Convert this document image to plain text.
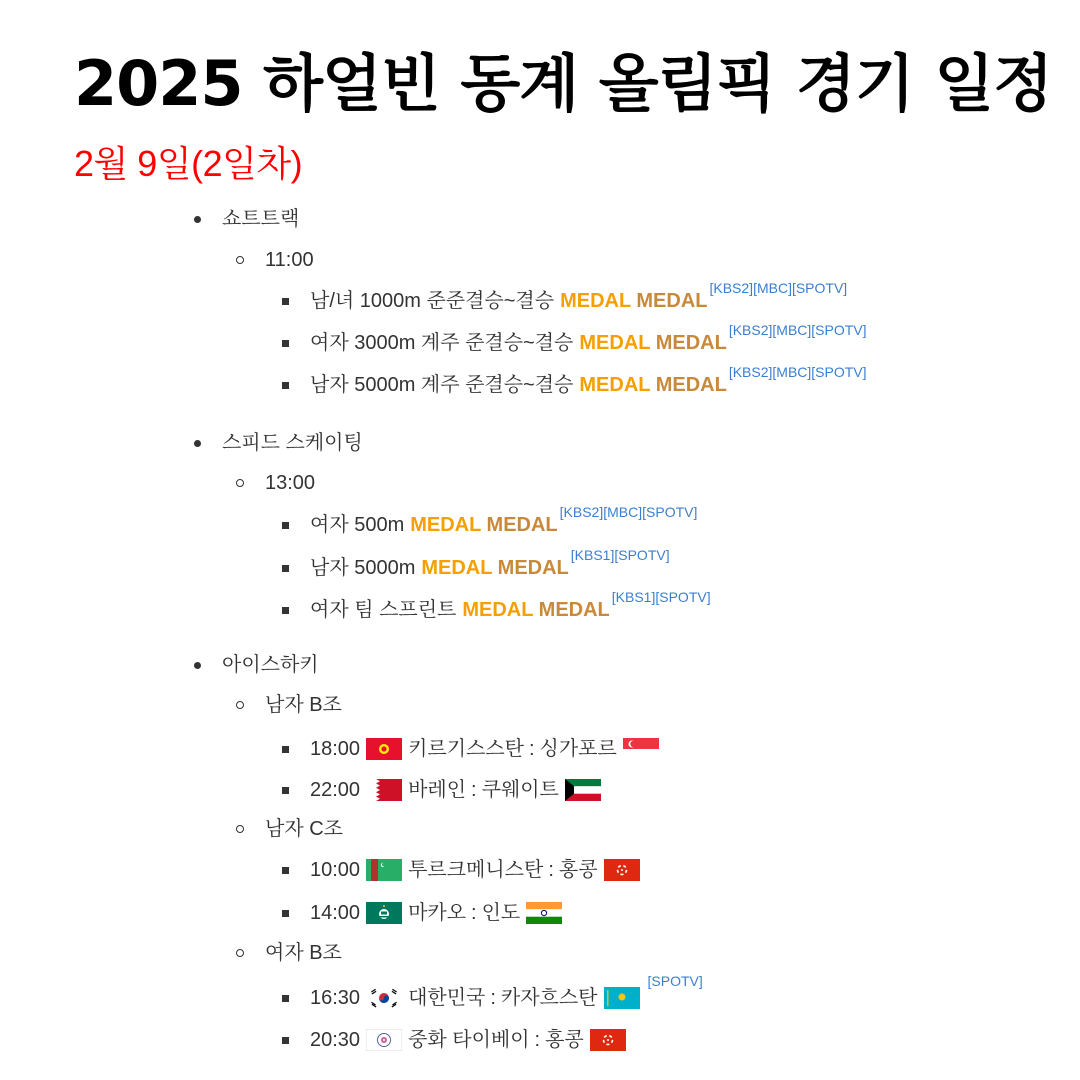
2025 하얼빈 동계 올림픽 경기 일정
2월 9일(2일차)
쇼트트랙
11:00
남/녀 1000m 준준결승~결승 MEDAL MEDAL
[KBS2][MBC][SPOTV]
여자 3000m 계주 준결승~결승 MEDAL MEDAL
[KBS2][MBC][SPOTV]
남자 5000m 계주 준결승~결승 MEDAL MEDAL
[KBS2][MBC][SPOTV]
스피드 스케이팅
13:00
여자 500m MEDAL MEDAL
[KBS2][MBC][SPOTV]
남자 5000m MEDAL MEDAL
[KBS1][SPOTV]
여자 팀 스프린트 MEDAL MEDAL
[KBS1][SPOTV]
아이스하키
남자 B조
18:00 키르기스스탄 : 싱가포르
22:00 바레인 : 쿠웨이트
남자 C조
10:00 투르크메니스탄 : 홍콩
14:00 마카오 : 인도
여자 B조
16:30 대한민국 : 카자흐스탄
[SPOTV]
20:30 중화 타이베이 : 홍콩
